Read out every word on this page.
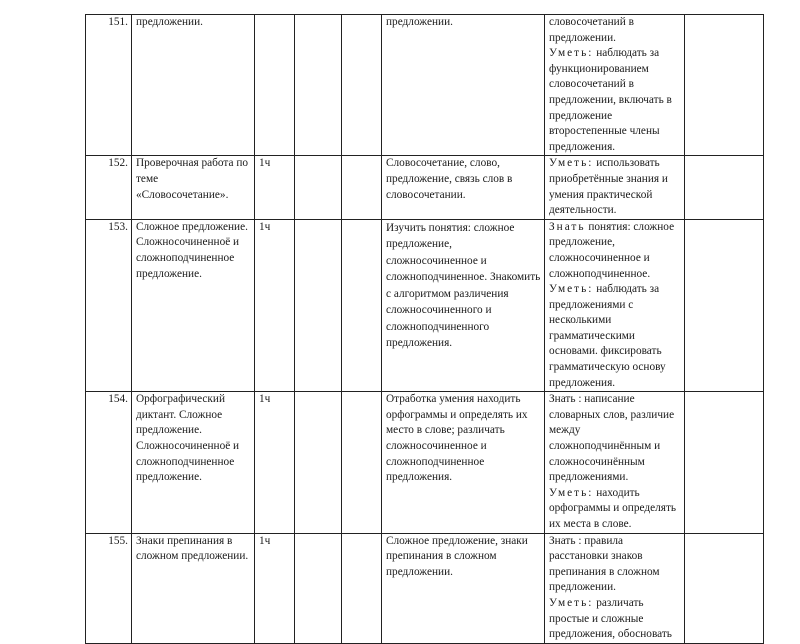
151.	предложении.				предложении.	словосочетаний в предложении.
Уметь: наблюдать за функционированием словосочетаний в предложении, включать в предложение второстепенные члены предложения.	

152.	Проверочная работа по теме «Словосочетание».	1ч			Словосочетание, слово, предложение, связь слов в словосочетании.	Уметь: использовать приобретённые знания и умения практической деятельности.	

153.	Сложное предложение. Сложносочиненноё и сложноподчиненное предложение.	1ч			Изучить понятия: сложное предложение, сложносочиненное и сложноподчиненное. Знакомить с алгоритмом различения сложносочиненного и сложноподчиненного предложения.	Знать понятия: сложное предложение, сложносочиненное и сложноподчиненное.
Уметь: наблюдать за предложениями с несколькими грамматическими основами. фиксировать грамматическую основу предложения.	

154.	Орфографический диктант. Сложное предложение. Сложносочиненноё и сложноподчиненное предложение.	1ч			Отработка умения находить орфограммы и определять их место в слове; различать сложносочиненное и сложноподчиненное предложения.	Знать : написание словарных слов, различие между сложноподчинённым и сложносочинённым предложениями.
Уметь: находить орфограммы и определять их места в слове.	

155.	Знаки препинания в сложном предложении.	1ч			Сложное предложение, знаки препинания в сложном предложении.	Знать : правила расстановки знаков препинания в сложном предложении.
Уметь: различать простые и сложные предложения, обосновать	
